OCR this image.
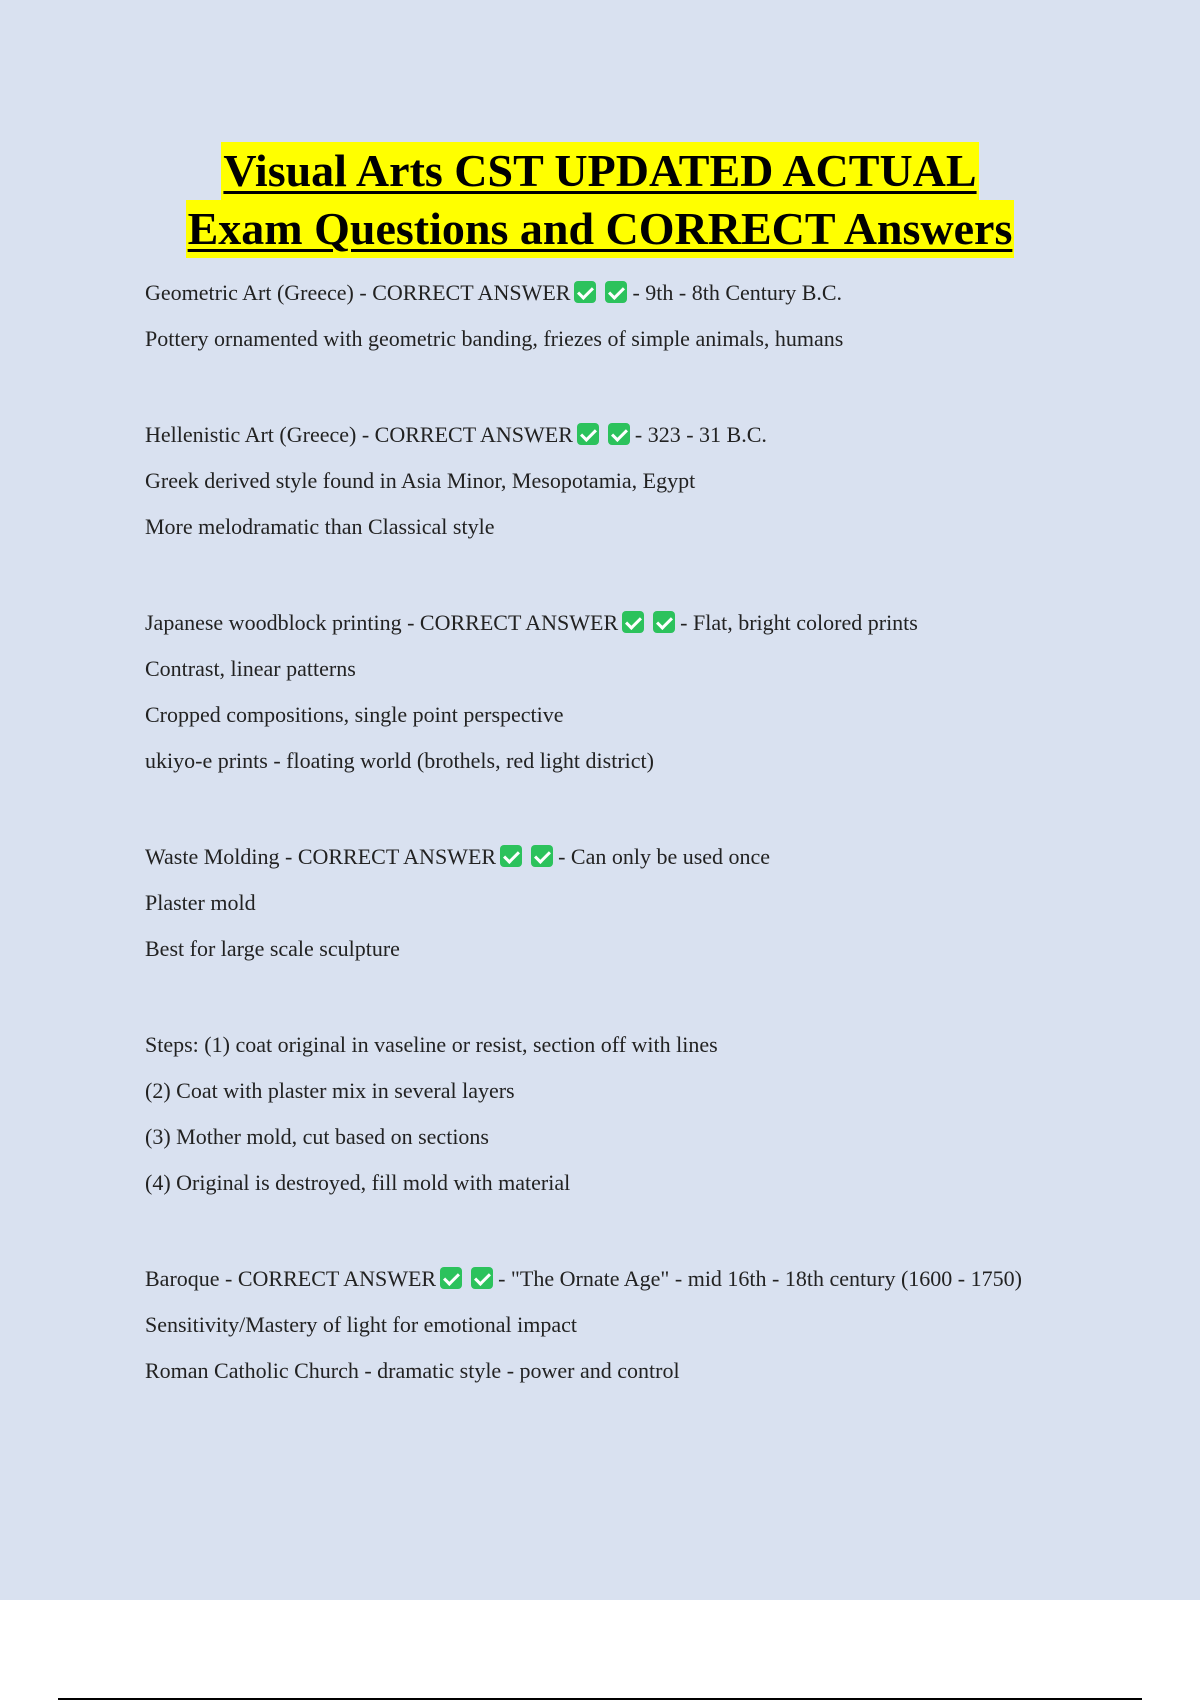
Visual Arts CST UPDATED ACTUAL
Exam Questions and CORRECT Answers

Geometric Art (Greece) - CORRECT ANSWER	- 9th - 8th Century B.C.

Pottery ornamented with geometric banding, friezes of simple animals, humans

Hellenistic Art (Greece) - CORRECT ANSWER	- 323 - 31 B.C.

Greek derived style found in Asia Minor, Mesopotamia, Egypt

More melodramatic than Classical style

Japanese woodblock printing - CORRECT ANSWER	- Flat, bright colored prints

Contrast, linear patterns

Cropped compositions, single point perspective

ukiyo-e prints - floating world (brothels, red light district)

Waste Molding - CORRECT ANSWER	- Can only be used once

Plaster mold

Best for large scale sculpture

Steps: (1) coat original in vaseline or resist, section off with lines

(2) Coat with plaster mix in several layers

(3) Mother mold, cut based on sections

(4) Original is destroyed, fill mold with material

Baroque - CORRECT ANSWER	- "The Ornate Age" - mid 16th - 18th century (1600 - 1750)

Sensitivity/Mastery of light for emotional impact

Roman Catholic Church - dramatic style - power and control
